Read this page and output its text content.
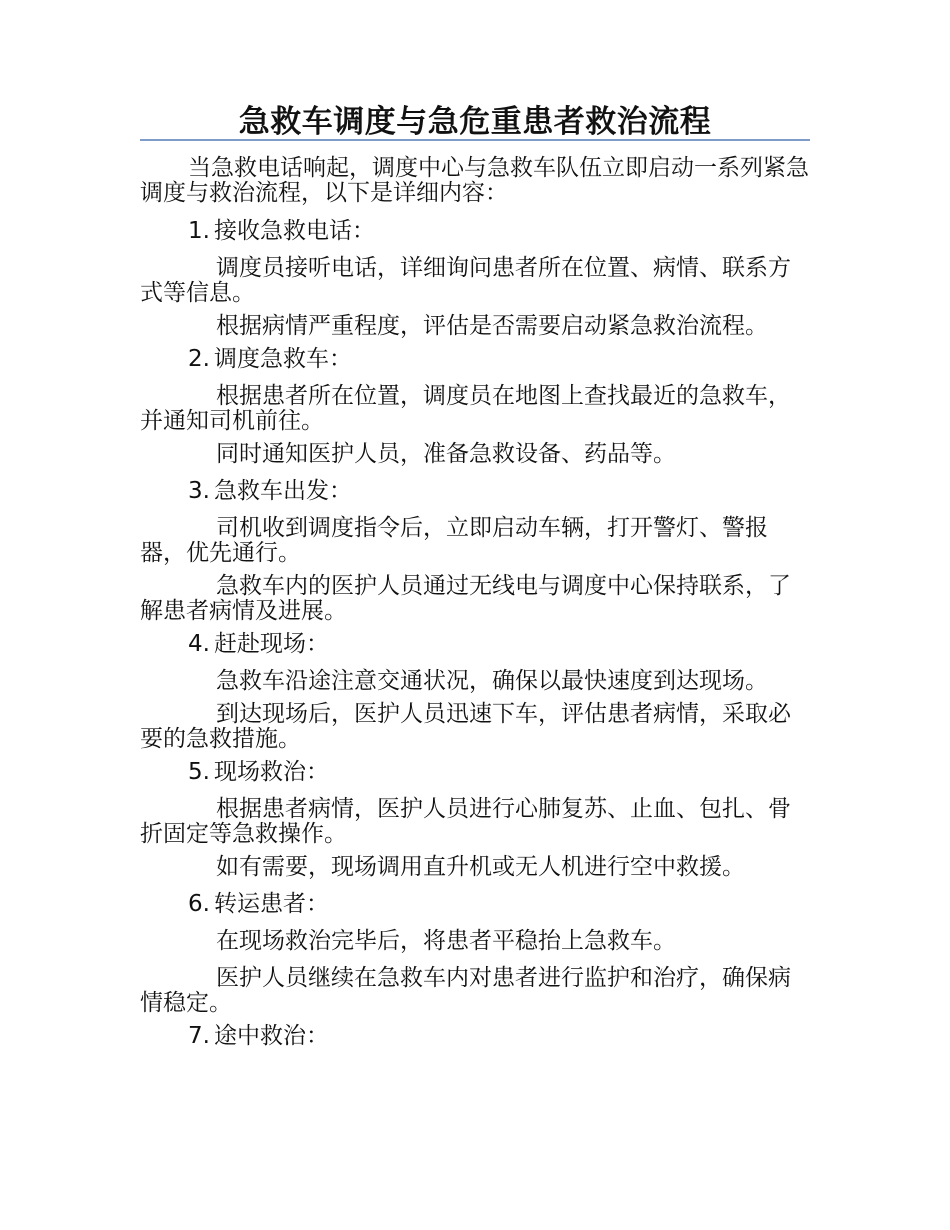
急救车调度与急危重患者救治流程

当急救电话响起，调度中心与急救车队伍立即启动一系列紧急调度与救治流程，以下是详细内容：

1. 接收急救电话：

调度员接听电话，详细询问患者所在位置、病情、联系方式等信息。

根据病情严重程度，评估是否需要启动紧急救治流程。

2. 调度急救车：

根据患者所在位置，调度员在地图上查找最近的急救车，并通知司机前往。

同时通知医护人员，准备急救设备、药品等。

3. 急救车出发：

司机收到调度指令后，立即启动车辆，打开警灯、警报器，优先通行。

急救车内的医护人员通过无线电与调度中心保持联系，了解患者病情及进展。

4. 赶赴现场：

急救车沿途注意交通状况，确保以最快速度到达现场。

到达现场后，医护人员迅速下车，评估患者病情，采取必要的急救措施。

5. 现场救治：

根据患者病情，医护人员进行心肺复苏、止血、包扎、骨折固定等急救操作。

如有需要，现场调用直升机或无人机进行空中救援。

6. 转运患者：

在现场救治完毕后，将患者平稳抬上急救车。

医护人员继续在急救车内对患者进行监护和治疗，确保病情稳定。

7. 途中救治：
